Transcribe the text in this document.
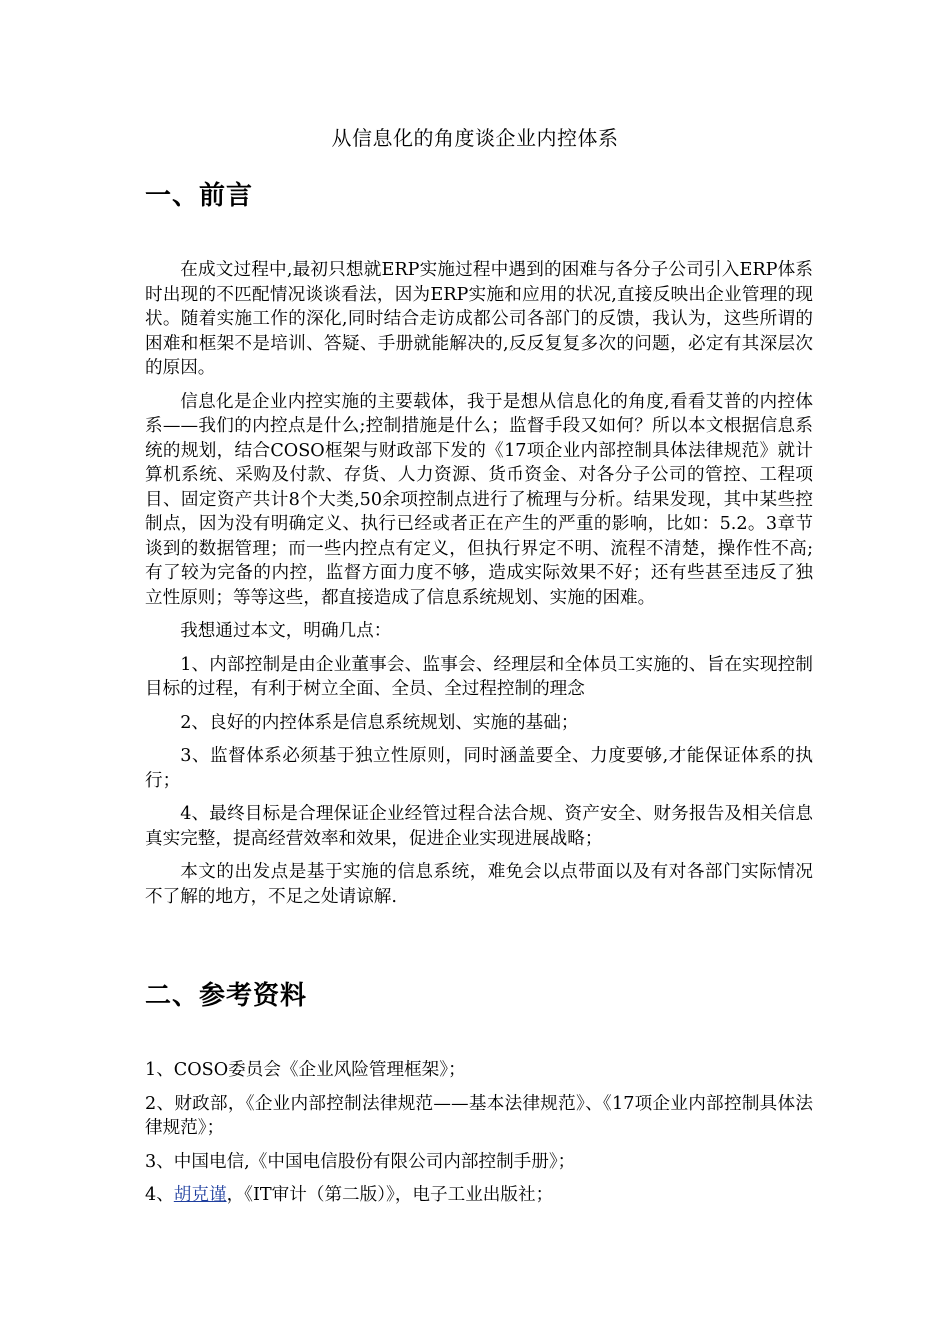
从信息化的角度谈企业内控体系
一、前言

在成文过程中,最初只想就ERP实施过程中遇到的困难与各分子公司引入ERP体系时出现的不匹配情况谈谈看法，因为ERP实施和应用的状况,直接反映出企业管理的现状。随着实施工作的深化,同时结合走访成都公司各部门的反馈，我认为，这些所谓的困难和框架不是培训、答疑、手册就能解决的,反反复复多次的问题，必定有其深层次的原因。

信息化是企业内控实施的主要载体，我于是想从信息化的角度,看看艾普的内控体系——我们的内控点是什么;控制措施是什么；监督手段又如何？所以本文根据信息系统的规划，结合COSO框架与财政部下发的《17项企业内部控制具体法律规范》就计算机系统、采购及付款、存货、人力资源、货币资金、对各分子公司的管控、工程项目、固定资产共计8个大类,50余项控制点进行了梳理与分析。结果发现，其中某些控制点，因为没有明确定义、执行已经或者正在产生的严重的影响，比如：5.2。3章节谈到的数据管理；而一些内控点有定义，但执行界定不明、流程不清楚，操作性不高;有了较为完备的内控，监督方面力度不够，造成实际效果不好；还有些甚至违反了独立性原则；等等这些，都直接造成了信息系统规划、实施的困难。

我想通过本文，明确几点：

1、内部控制是由企业董事会、监事会、经理层和全体员工实施的、旨在实现控制目标的过程，有利于树立全面、全员、全过程控制的理念

2、良好的内控体系是信息系统规划、实施的基础；

3、监督体系必须基于独立性原则，同时涵盖要全、力度要够,才能保证体系的执行；

4、最终目标是合理保证企业经管过程合法合规、资产安全、财务报告及相关信息真实完整，提高经营效率和效果，促进企业实现进展战略；

本文的出发点是基于实施的信息系统，难免会以点带面以及有对各部门实际情况不了解的地方，不足之处请谅解.

二、参考资料

1、COSO委员会《企业风险管理框架》；

2、财政部，《企业内部控制法律规范——基本法律规范》、《17项企业内部控制具体法律规范》；

3、中国电信,《中国电信股份有限公司内部控制手册》；

4、胡克谨，《IT审计（第二版）》，电子工业出版社；
